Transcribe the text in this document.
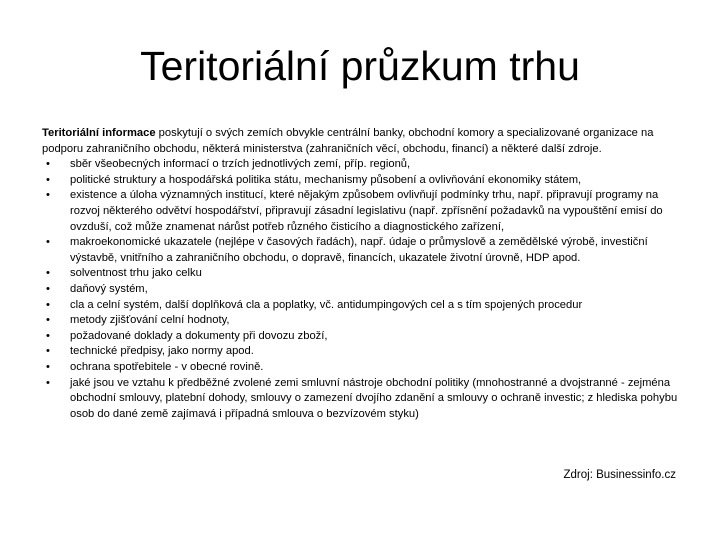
Teritoriální průzkum trhu

Teritoriální informace poskytují o svých zemích obvykle centrální banky, obchodní komory a specializované organizace na podporu zahraničního obchodu, některá ministerstva (zahraničních věcí, obchodu, financí) a některé další zdroje.

•	sběr všeobecných informací o trzích jednotlivých zemí, příp. regionů,
•	politické struktury a hospodářská politika státu, mechanismy působení a ovlivňování ekonomiky státem,
•	existence a úloha významných institucí, které nějakým způsobem ovlivňují podmínky trhu, např. připravují programy na rozvoj některého odvětví hospodářství, připravují zásadní legislativu (např. zpřísnění požadavků na vypouštění emisí do ovzduší, což může znamenat nárůst potřeb různého čisticího a diagnostického zařízení,
•	makroekonomické ukazatele (nejlépe v časových řadách), např. údaje o průmyslově a zemědělské výrobě, investiční výstavbě, vnitřního a zahraničního obchodu, o dopravě, financích, ukazatele životní úrovně, HDP apod.
•	solventnost trhu jako celku
•	daňový systém,
•	cla a celní systém, další doplňková cla a poplatky, vč. antidumpingových cel a s tím spojených procedur
•	metody zjišťování celní hodnoty,
•	požadované doklady a dokumenty při dovozu zboží,
•	technické předpisy, jako normy apod.
•	ochrana spotřebitele - v obecné rovině.
•	jaké jsou ve vztahu k předběžné zvolené zemi smluvní nástroje obchodní politiky (mnohostranné a dvojstranné - zejména obchodní smlouvy, platební dohody, smlouvy o zamezení dvojího zdanění a smlouvy o ochraně investic; z hlediska pohybu osob do dané země zajímavá i případná smlouva o bezvízovém styku)

Zdroj: Businessinfo.cz
